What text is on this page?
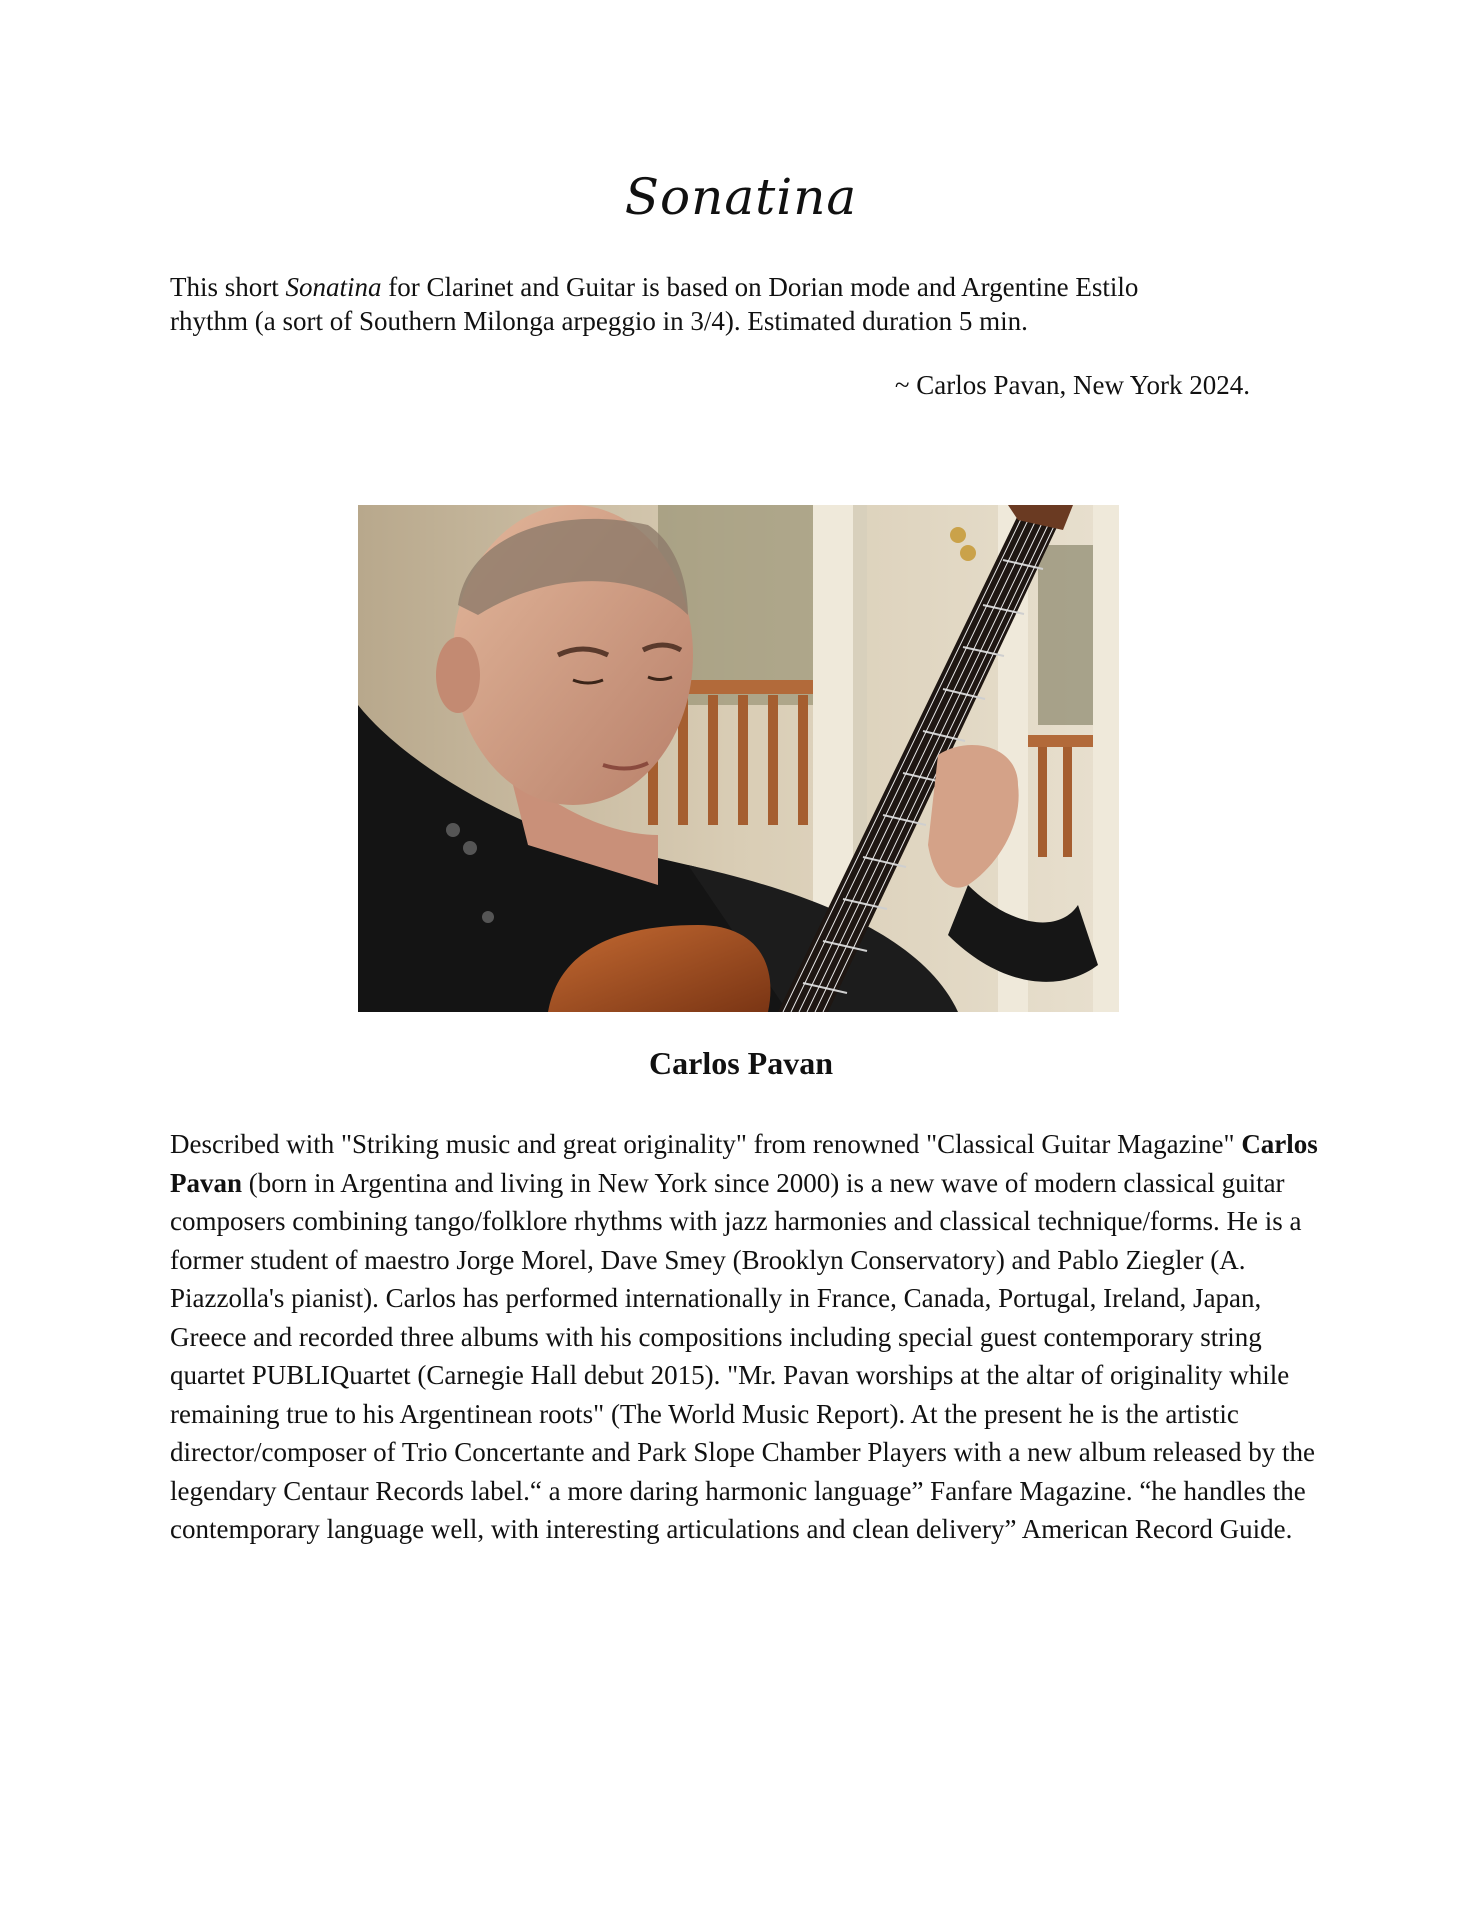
Sonatina

This short Sonatina for Clarinet and Guitar is based on Dorian mode and Argentine Estilo
rhythm (a sort of Southern Milonga arpeggio in 3/4). Estimated duration 5 min.

~ Carlos Pavan, New York 2024.

Carlos Pavan

Described with "Striking music and great originality" from renowned "Classical Guitar Magazine" Carlos Pavan (born in Argentina and living in New York since 2000) is a new wave of modern classical guitar composers combining tango/folklore rhythms with jazz harmonies and classical technique/forms. He is a former student of maestro Jorge Morel, Dave Smey (Brooklyn Conservatory) and Pablo Ziegler (A. Piazzolla's pianist). Carlos has performed internationally in France, Canada, Portugal, Ireland, Japan, Greece and recorded three albums with his compositions including special guest contemporary string quartet PUBLIQuartet (Carnegie Hall debut 2015). "Mr. Pavan worships at the altar of originality while remaining true to his Argentinean roots" (The World Music Report). At the present he is the artistic director/composer of Trio Concertante and Park Slope Chamber Players with a new album released by the legendary Centaur Records label.“ a more daring harmonic language” Fanfare Magazine. “he handles the contemporary language well, with interesting articulations and clean delivery” American Record Guide.
